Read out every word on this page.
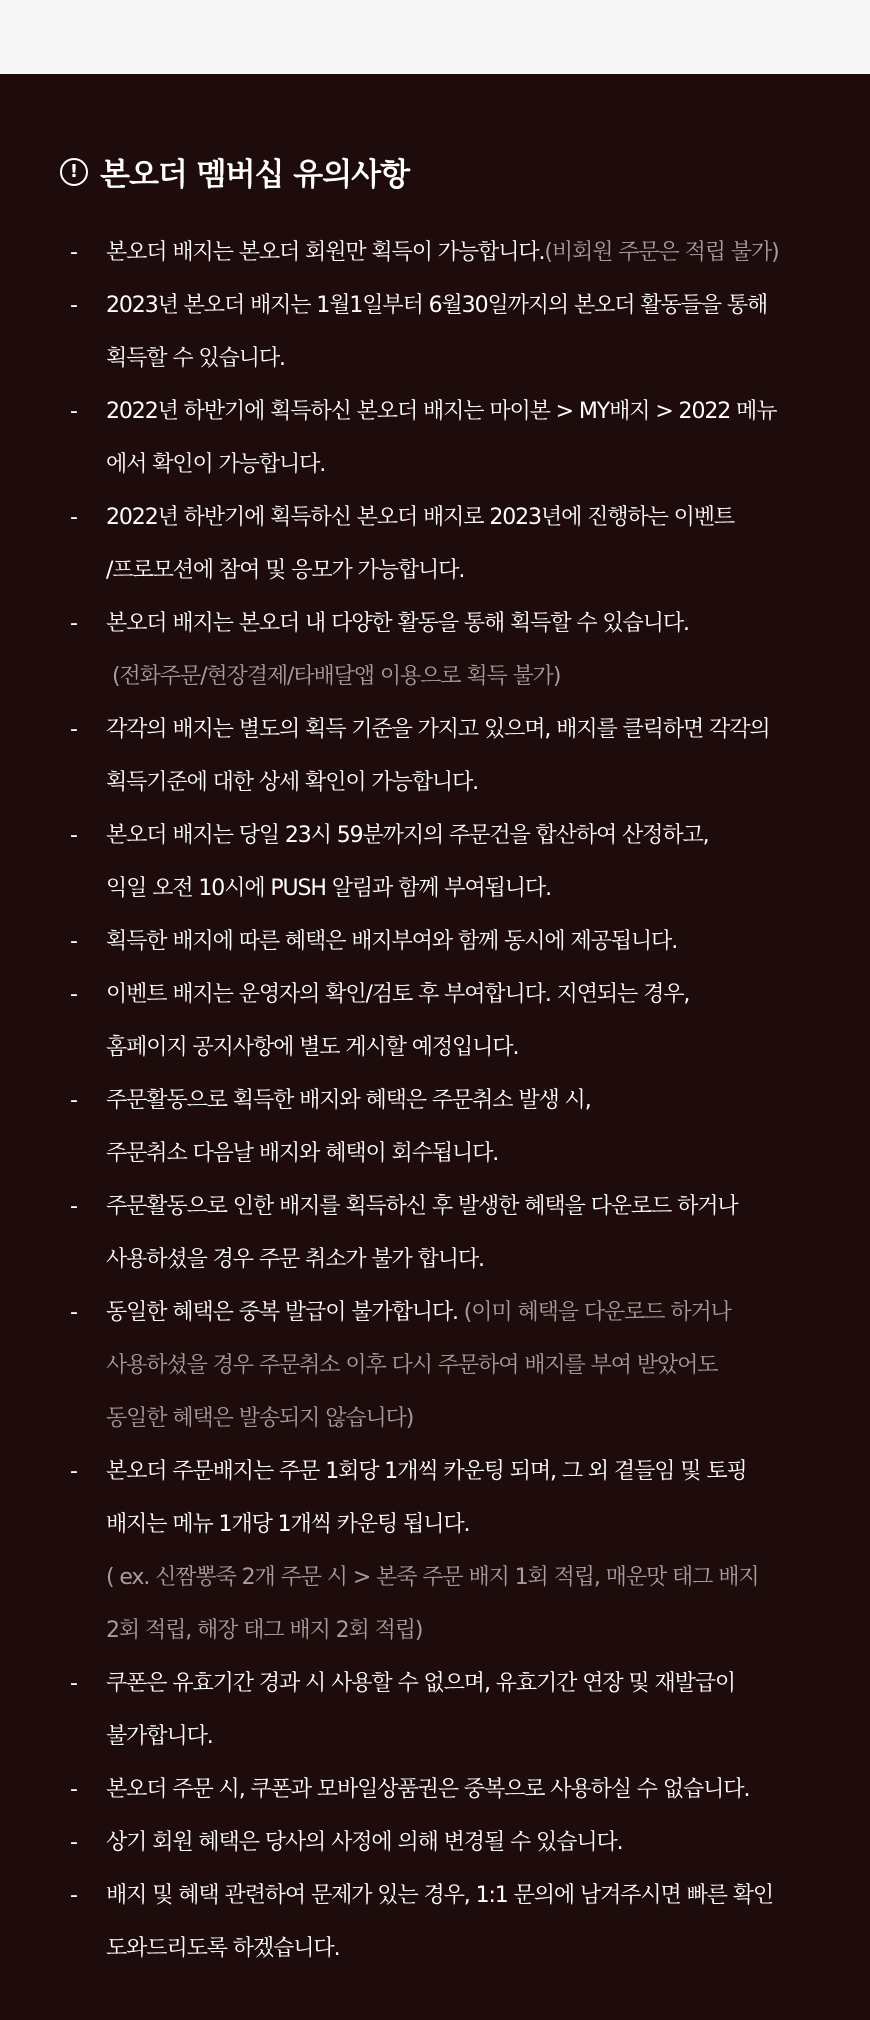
! 본오더 멤버십 유의사항
- 본오더 배지는 본오더 회원만 획득이 가능합니다.(비회원 주문은 적립 불가)
- 2023년 본오더 배지는 1월1일부터 6월30일까지의 본오더 활동들을 통해
획득할 수 있습니다.
- 2022년 하반기에 획득하신 본오더 배지는 마이본 > MY배지 > 2022 메뉴
에서 확인이 가능합니다.
- 2022년 하반기에 획득하신 본오더 배지로 2023년에 진행하는 이벤트
/프로모션에 참여 및 응모가 가능합니다.
- 본오더 배지는 본오더 내 다양한 활동을 통해 획득할 수 있습니다.
(전화주문/현장결제/타배달앱 이용으로 획득 불가)
- 각각의 배지는 별도의 획득 기준을 가지고 있으며, 배지를 클릭하면 각각의
획득기준에 대한 상세 확인이 가능합니다.
- 본오더 배지는 당일 23시 59분까지의 주문건을 합산하여 산정하고,
익일 오전 10시에 PUSH 알림과 함께 부여됩니다.
- 획득한 배지에 따른 혜택은 배지부여와 함께 동시에 제공됩니다.
- 이벤트 배지는 운영자의 확인/검토 후 부여합니다. 지연되는 경우,
홈페이지 공지사항에 별도 게시할 예정입니다.
- 주문활동으로 획득한 배지와 혜택은 주문취소 발생 시,
주문취소 다음날 배지와 혜택이 회수됩니다.
- 주문활동으로 인한 배지를 획득하신 후 발생한 혜택을 다운로드 하거나
사용하셨을 경우 주문 취소가 불가 합니다.
- 동일한 혜택은 중복 발급이 불가합니다. (이미 혜택을 다운로드 하거나
사용하셨을 경우 주문취소 이후 다시 주문하여 배지를 부여 받았어도
동일한 혜택은 발송되지 않습니다)
- 본오더 주문배지는 주문 1회당 1개씩 카운팅 되며, 그 외 곁들임 및 토핑
배지는 메뉴 1개당 1개씩 카운팅 됩니다.
( ex. 신짬뽕죽 2개 주문 시 > 본죽 주문 배지 1회 적립, 매운맛 태그 배지
2회 적립, 해장 태그 배지 2회 적립)
- 쿠폰은 유효기간 경과 시 사용할 수 없으며, 유효기간 연장 및 재발급이
불가합니다.
- 본오더 주문 시, 쿠폰과 모바일상품권은 중복으로 사용하실 수 없습니다.
- 상기 회원 혜택은 당사의 사정에 의해 변경될 수 있습니다.
- 배지 및 혜택 관련하여 문제가 있는 경우, 1:1 문의에 남겨주시면 빠른 확인
도와드리도록 하겠습니다.
